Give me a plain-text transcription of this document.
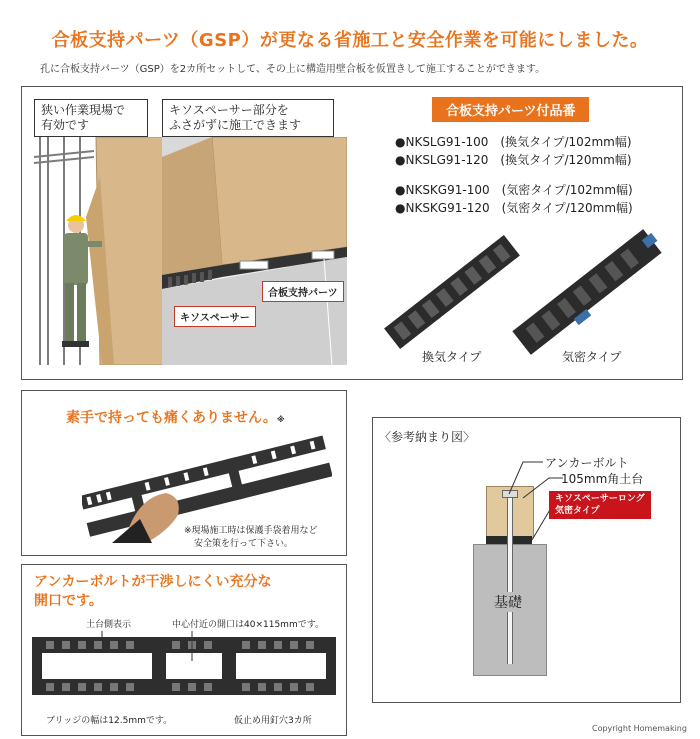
合板支持パーツ（GSP）が更なる省施工と安全作業を可能にしました。
孔に合板支持パーツ（GSP）を2カ所セットして、その上に構造用壁合板を仮置きして施工することができます。
狭い作業現場で
有効です
キソスペーサー部分を
ふさがずに施工できます
キソスペーサー
合板支持パーツ
合板支持パーツ付品番
●NKSLG91-100　(換気タイプ/102mm幅)
●NKSLG91-120　(換気タイプ/120mm幅)
●NKSKG91-100　(気密タイプ/102mm幅)
●NKSKG91-120　(気密タイプ/120mm幅)
換気タイプ	気密タイプ
素手で持っても痛くありません。※
※現場施工時は保護手袋着用など
安全策を行って下さい。
アンカーボルトが干渉しにくい充分な
開口です。
土台側表示	中心付近の開口は40×115mmです。
ブリッジの幅は12.5mmです。	仮止め用釘穴3カ所
〈参考納まり図〉
アンカーボルト
105mm角土台
キソスペーサーロング
気密タイプ
基礎
Copyright Homemaking
